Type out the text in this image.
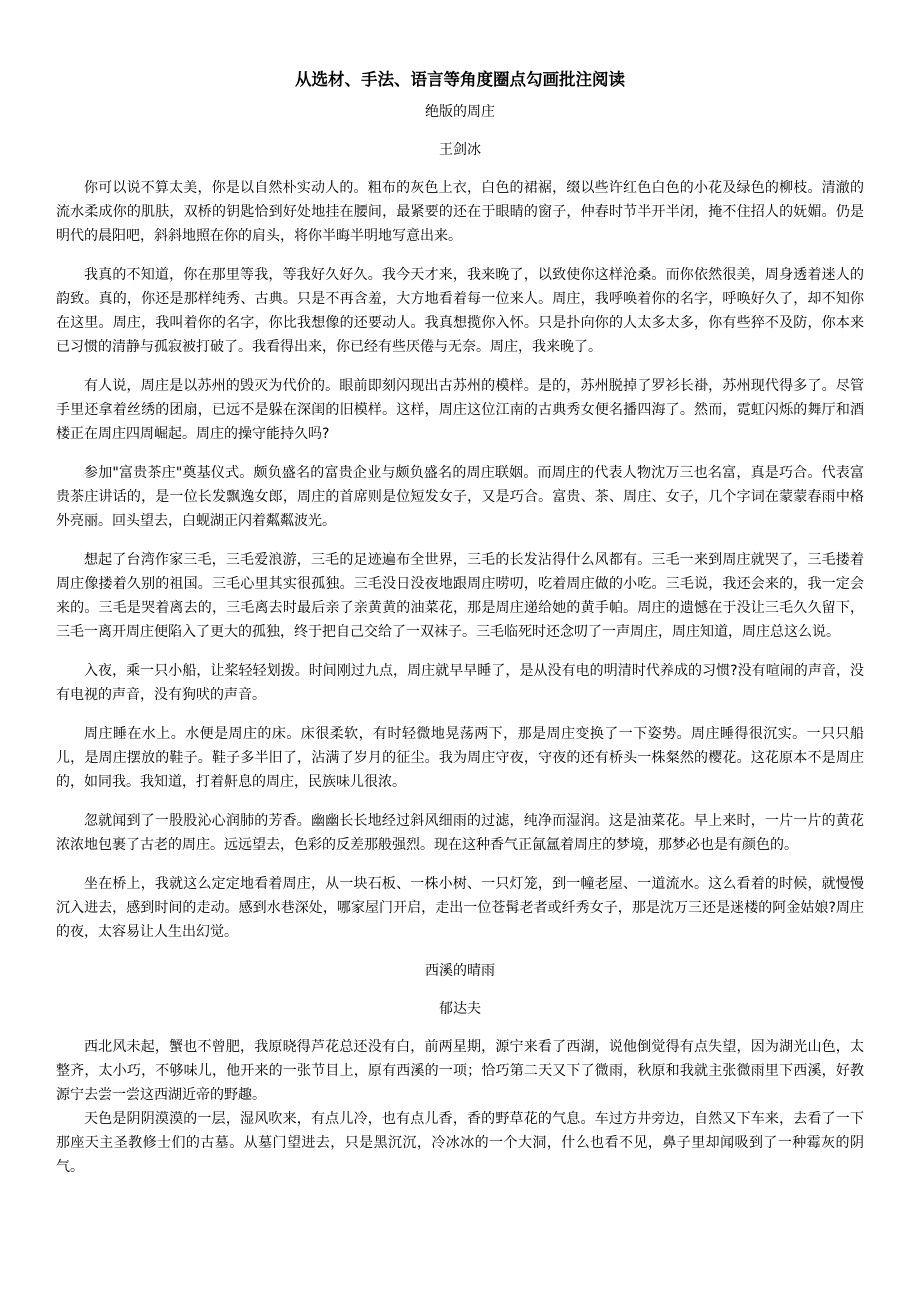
从选材、手法、语言等角度圈点勾画批注阅读
绝版的周庄
王剑冰

你可以说不算太美，你是以自然朴实动人的。粗布的灰色上衣，白色的裙裾，缀以些许红色白色的小花及绿色的柳枝。清澈的流水柔成你的肌肤，双桥的钥匙恰到好处地挂在腰间，最紧要的还在于眼睛的窗子，仲春时节半开半闭，掩不住招人的妩媚。仍是明代的晨阳吧，斜斜地照在你的肩头，将你半晦半明地写意出来。

我真的不知道，你在那里等我，等我好久好久。我今天才来，我来晚了，以致使你这样沧桑。而你依然很美，周身透着迷人的韵致。真的，你还是那样纯秀、古典。只是不再含羞，大方地看着每一位来人。周庄，我呼唤着你的名字，呼唤好久了，却不知你在这里。周庄，我叫着你的名字，你比我想像的还要动人。我真想揽你入怀。只是扑向你的人太多太多，你有些猝不及防，你本来已习惯的清静与孤寂被打破了。我看得出来，你已经有些厌倦与无奈。周庄，我来晚了。

有人说，周庄是以苏州的毁灭为代价的。眼前即刻闪现出古苏州的模样。是的，苏州脱掉了罗衫长褂，苏州现代得多了。尽管手里还拿着丝绣的团扇，已远不是躲在深闺的旧模样。这样，周庄这位江南的古典秀女便名播四海了。然而，霓虹闪烁的舞厅和酒楼正在周庄四周崛起。周庄的操守能持久吗?

参加"富贵茶庄"奠基仪式。颇负盛名的富贵企业与颇负盛名的周庄联姻。而周庄的代表人物沈万三也名富，真是巧合。代表富贵茶庄讲话的，是一位长发飘逸女郎，周庄的首席则是位短发女子，又是巧合。富贵、茶、周庄、女子，几个字词在蒙蒙春雨中格外亮丽。回头望去，白蚬湖正闪着粼粼波光。

想起了台湾作家三毛，三毛爱浪游，三毛的足迹遍布全世界，三毛的长发沾得什么风都有。三毛一来到周庄就哭了，三毛搂着周庄像搂着久别的祖国。三毛心里其实很孤独。三毛没日没夜地跟周庄唠叨，吃着周庄做的小吃。三毛说，我还会来的，我一定会来的。三毛是哭着离去的，三毛离去时最后亲了亲黄黄的油菜花，那是周庄递给她的黄手帕。周庄的遗憾在于没让三毛久久留下，三毛一离开周庄便陷入了更大的孤独，终于把自己交给了一双袜子。三毛临死时还念叨了一声周庄，周庄知道，周庄总这么说。

入夜，乘一只小船，让桨轻轻划拨。时间刚过九点，周庄就早早睡了，是从没有电的明清时代养成的习惯?没有喧闹的声音，没有电视的声音，没有狗吠的声音。

周庄睡在水上。水便是周庄的床。床很柔软，有时轻微地晃荡两下，那是周庄变换了一下姿势。周庄睡得很沉实。一只只船儿，是周庄摆放的鞋子。鞋子多半旧了，沾满了岁月的征尘。我为周庄守夜，守夜的还有桥头一株粲然的樱花。这花原本不是周庄的，如同我。我知道，打着鼾息的周庄，民族味儿很浓。

忽就闻到了一股股沁心润肺的芳香。幽幽长长地经过斜风细雨的过滤，纯净而湿润。这是油菜花。早上来时，一片一片的黄花浓浓地包裹了古老的周庄。远远望去，色彩的反差那般强烈。现在这种香气正氤氲着周庄的梦境，那梦必也是有颜色的。

坐在桥上，我就这么定定地看着周庄，从一块石板、一株小树、一只灯笼，到一幢老屋、一道流水。这么看着的时候，就慢慢沉入进去，感到时间的走动。感到水巷深处，哪家屋门开启，走出一位苍髯老者或纤秀女子，那是沈万三还是迷楼的阿金姑娘?周庄的夜，太容易让人生出幻觉。

西溪的晴雨
郁达夫

西北风未起，蟹也不曾肥，我原晓得芦花总还没有白，前两星期，源宁来看了西湖，说他倒觉得有点失望，因为湖光山色，太整齐，太小巧，不够味儿，他开来的一张节目上，原有西溪的一项；恰巧第二天又下了微雨，秋原和我就主张微雨里下西溪，好教源宁去尝一尝这西湖近帝的野趣。

天色是阴阴漠漠的一层，湿风吹来，有点儿冷，也有点儿香，香的野草花的气息。车过方井旁边，自然又下车来，去看了一下那座天主圣教修士们的古墓。从墓门望进去，只是黑沉沉，冷冰冰的一个大洞，什么也看不见，鼻子里却闻吸到了一种霉灰的阴气。
